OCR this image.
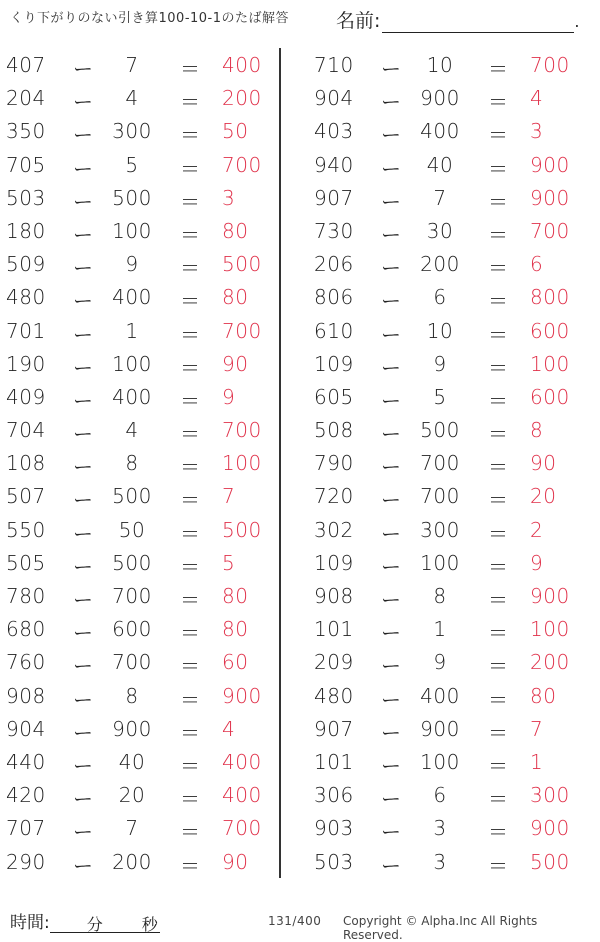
くり下がりのない引き算100-10-1のたば解答 名前:	.
407 ー	7	＝ 400
204 ー	4	＝ 200
350 ー 300	＝ 50
705 ー	5	＝ 700
503 ー 500	＝ 3
180 ー 100	＝ 80
509 ー	9	＝ 500
480 ー 400	＝ 80
701 ー	1	＝ 700
190 ー 100	＝ 90
409 ー 400	＝ 9
704 ー	4	＝ 700
108 ー	8	＝ 100
507 ー 500	＝ 7
550 ー	50	＝ 500
505 ー 500	＝ 5
780 ー 700	＝ 80
680 ー 600	＝ 80
760 ー 700	＝ 60
908 ー	8	＝ 900
904 ー 900	＝ 4
440 ー	40	＝ 400
420 ー	20	＝ 400
707 ー	7	＝ 700
290 ー 200	＝ 90
710 ー	10	＝ 700
904 ー 900	＝ 4
403 ー 400	＝ 3
940 ー	40	＝ 900
907 ー	7	＝ 900
730 ー	30	＝ 700
206 ー 200	＝ 6
806 ー	6	＝ 800
610 ー	10	＝ 600
109 ー	9	＝ 100
605 ー	5	＝ 600
508 ー 500	＝ 8
790 ー 700	＝ 90
720 ー 700	＝ 20
302 ー 300	＝ 2
109 ー 100	＝ 9
908 ー	8	＝ 900
101 ー	1	＝ 100
209 ー	9	＝ 200
480 ー 400	＝ 80
907 ー 900	＝ 7
101 ー 100	＝ 1
306 ー	6	＝ 300
903 ー	3	＝ 900
503 ー	3	＝ 500
時間: 分 秒	131/400 Copyright © Alpha.Inc All Rights Reserved.
